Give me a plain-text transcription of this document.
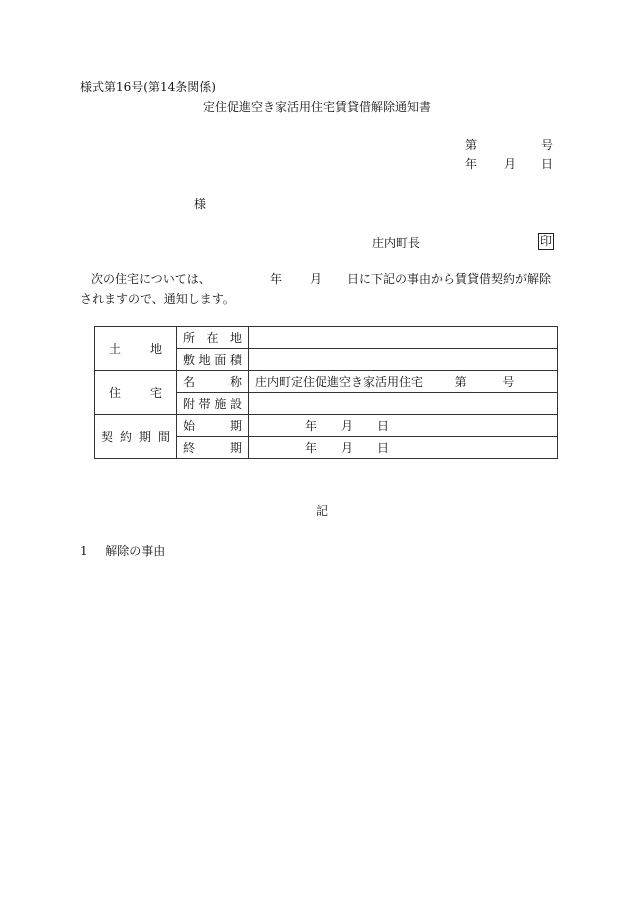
様式第16号(第14条関係)
定住促進空き家活用住宅賃貸借解除通知書
第	号
年 月 日
様
庄内町長	印
次の住宅については、	年 月 日に下記の事由から賃貸借契約が解除
されますので、通知します。
土 地	所 在 地	

	敷 地 面 積	

住 宅	名 称	庄内町定住促進空き家活用住宅 第 号

	附 帯 施 設	

契 約 期 間	始 期	年 月 日

	終 期	年 月 日
記
1 解除の事由
